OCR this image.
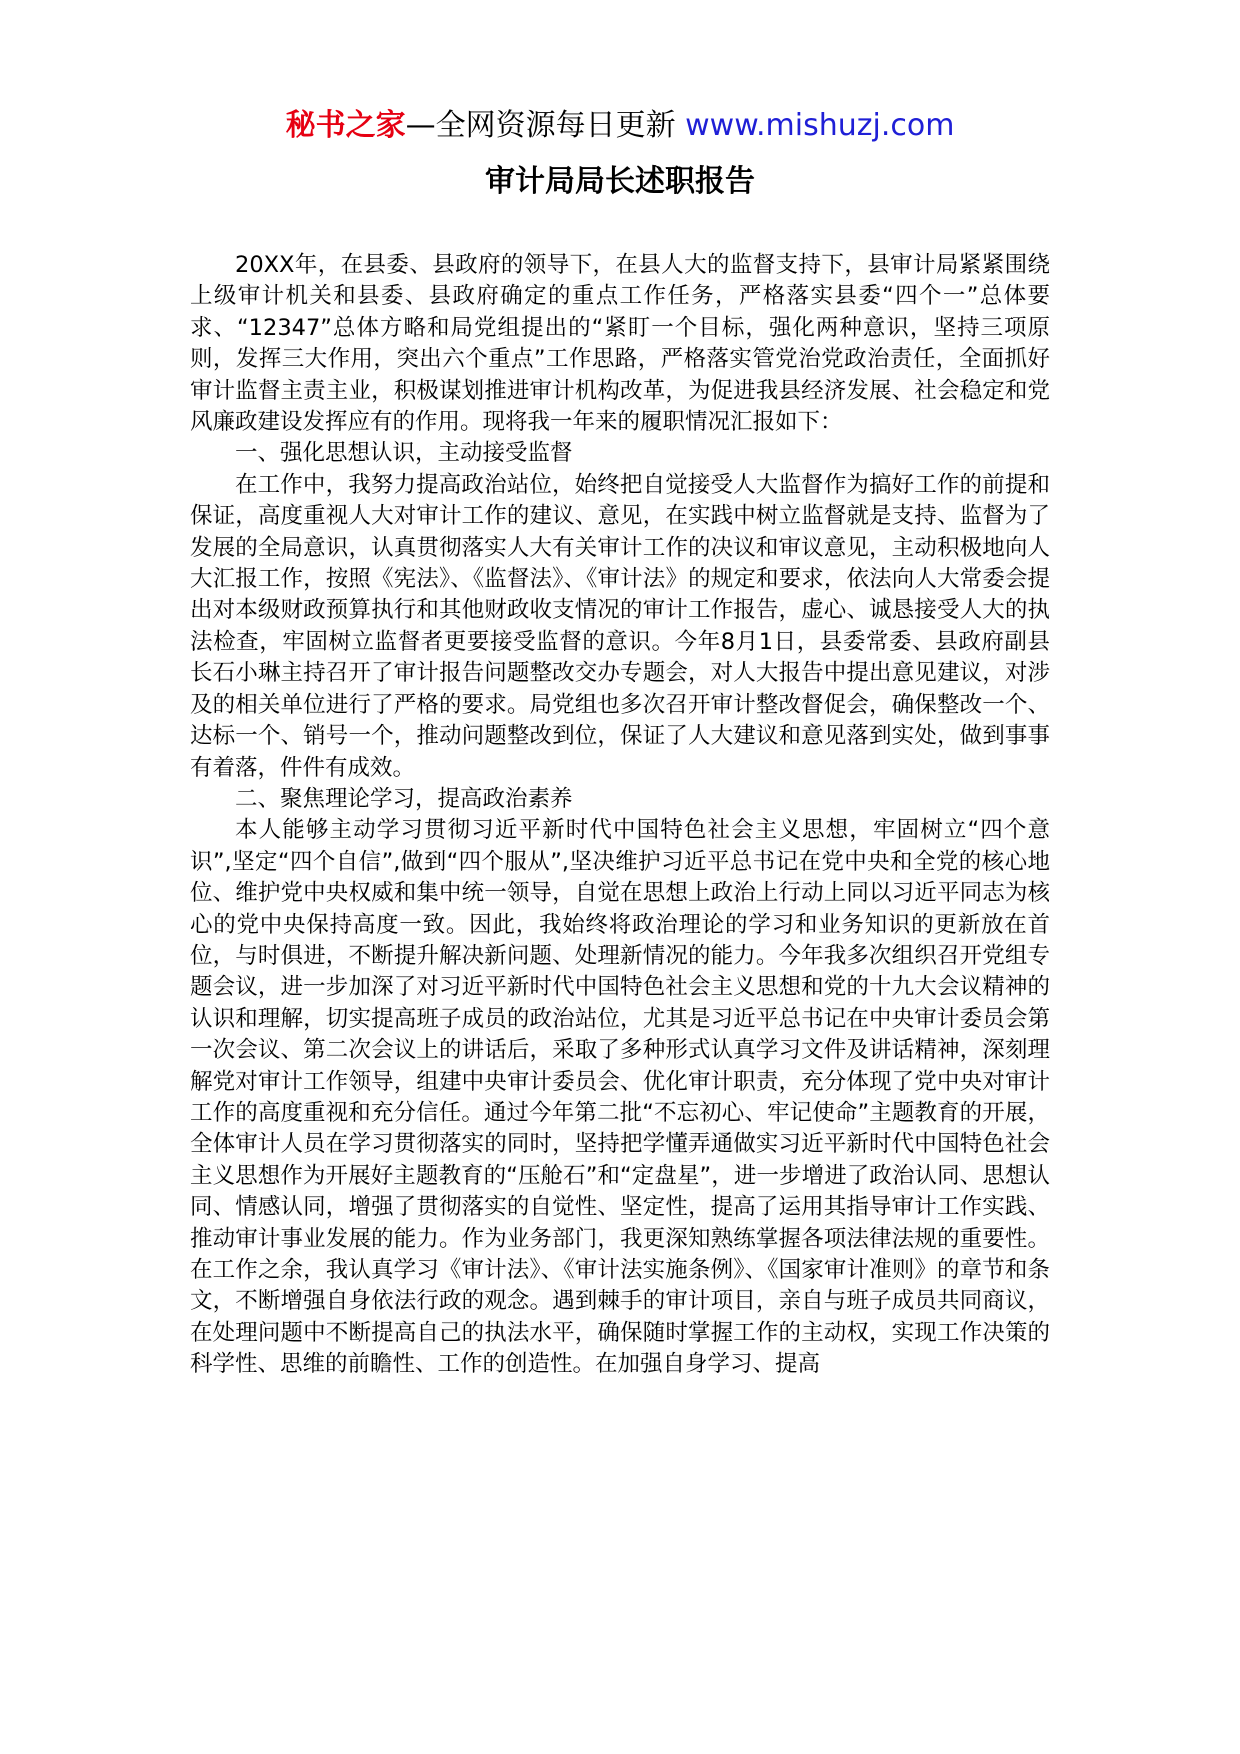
秘书之家—全网资源每日更新 www.mishuzj.com
审计局局长述职报告

20XX年，在县委、县政府的领导下，在县人大的监督支持下，县审计局紧紧围绕上级审计机关和县委、县政府确定的重点工作任务，严格落实县委“四个一”总体要求、“12347”总体方略和局党组提出的“紧盯一个目标，强化两种意识，坚持三项原则，发挥三大作用，突出六个重点”工作思路，严格落实管党治党政治责任，全面抓好审计监督主责主业，积极谋划推进审计机构改革，为促进我县经济发展、社会稳定和党风廉政建设发挥应有的作用。现将我一年来的履职情况汇报如下：

一、强化思想认识，主动接受监督

在工作中，我努力提高政治站位，始终把自觉接受人大监督作为搞好工作的前提和保证，高度重视人大对审计工作的建议、意见，在实践中树立监督就是支持、监督为了发展的全局意识，认真贯彻落实人大有关审计工作的决议和审议意见，主动积极地向人大汇报工作，按照《宪法》、《监督法》、《审计法》的规定和要求，依法向人大常委会提出对本级财政预算执行和其他财政收支情况的审计工作报告，虚心、诚恳接受人大的执法检查，牢固树立监督者更要接受监督的意识。今年8月1日，县委常委、县政府副县长石小琳主持召开了审计报告问题整改交办专题会，对人大报告中提出意见建议，对涉及的相关单位进行了严格的要求。局党组也多次召开审计整改督促会，确保整改一个、达标一个、销号一个，推动问题整改到位，保证了人大建议和意见落到实处，做到事事有着落，件件有成效。

二、聚焦理论学习，提高政治素养

本人能够主动学习贯彻习近平新时代中国特色社会主义思想，牢固树立“四个意识”,坚定“四个自信”,做到“四个服从”,坚决维护习近平总书记在党中央和全党的核心地位、维护党中央权威和集中统一领导，自觉在思想上政治上行动上同以习近平同志为核心的党中央保持高度一致。因此，我始终将政治理论的学习和业务知识的更新放在首位，与时俱进，不断提升解决新问题、处理新情况的能力。今年我多次组织召开党组专题会议，进一步加深了对习近平新时代中国特色社会主义思想和党的十九大会议精神的认识和理解，切实提高班子成员的政治站位，尤其是习近平总书记在中央审计委员会第一次会议、第二次会议上的讲话后，采取了多种形式认真学习文件及讲话精神，深刻理解党对审计工作领导，组建中央审计委员会、优化审计职责，充分体现了党中央对审计工作的高度重视和充分信任。通过今年第二批“不忘初心、牢记使命”主题教育的开展，全体审计人员在学习贯彻落实的同时，坚持把学懂弄通做实习近平新时代中国特色社会主义思想作为开展好主题教育的“压舱石”和“定盘星”，进一步增进了政治认同、思想认同、情感认同，增强了贯彻落实的自觉性、坚定性，提高了运用其指导审计工作实践、推动审计事业发展的能力。作为业务部门，我更深知熟练掌握各项法律法规的重要性。在工作之余，我认真学习《审计法》、《审计法实施条例》、《国家审计准则》的章节和条文，不断增强自身依法行政的观念。遇到棘手的审计项目，亲自与班子成员共同商议，在处理问题中不断提高自己的执法水平，确保随时掌握工作的主动权，实现工作决策的科学性、思维的前瞻性、工作的创造性。在加强自身学习、提高
